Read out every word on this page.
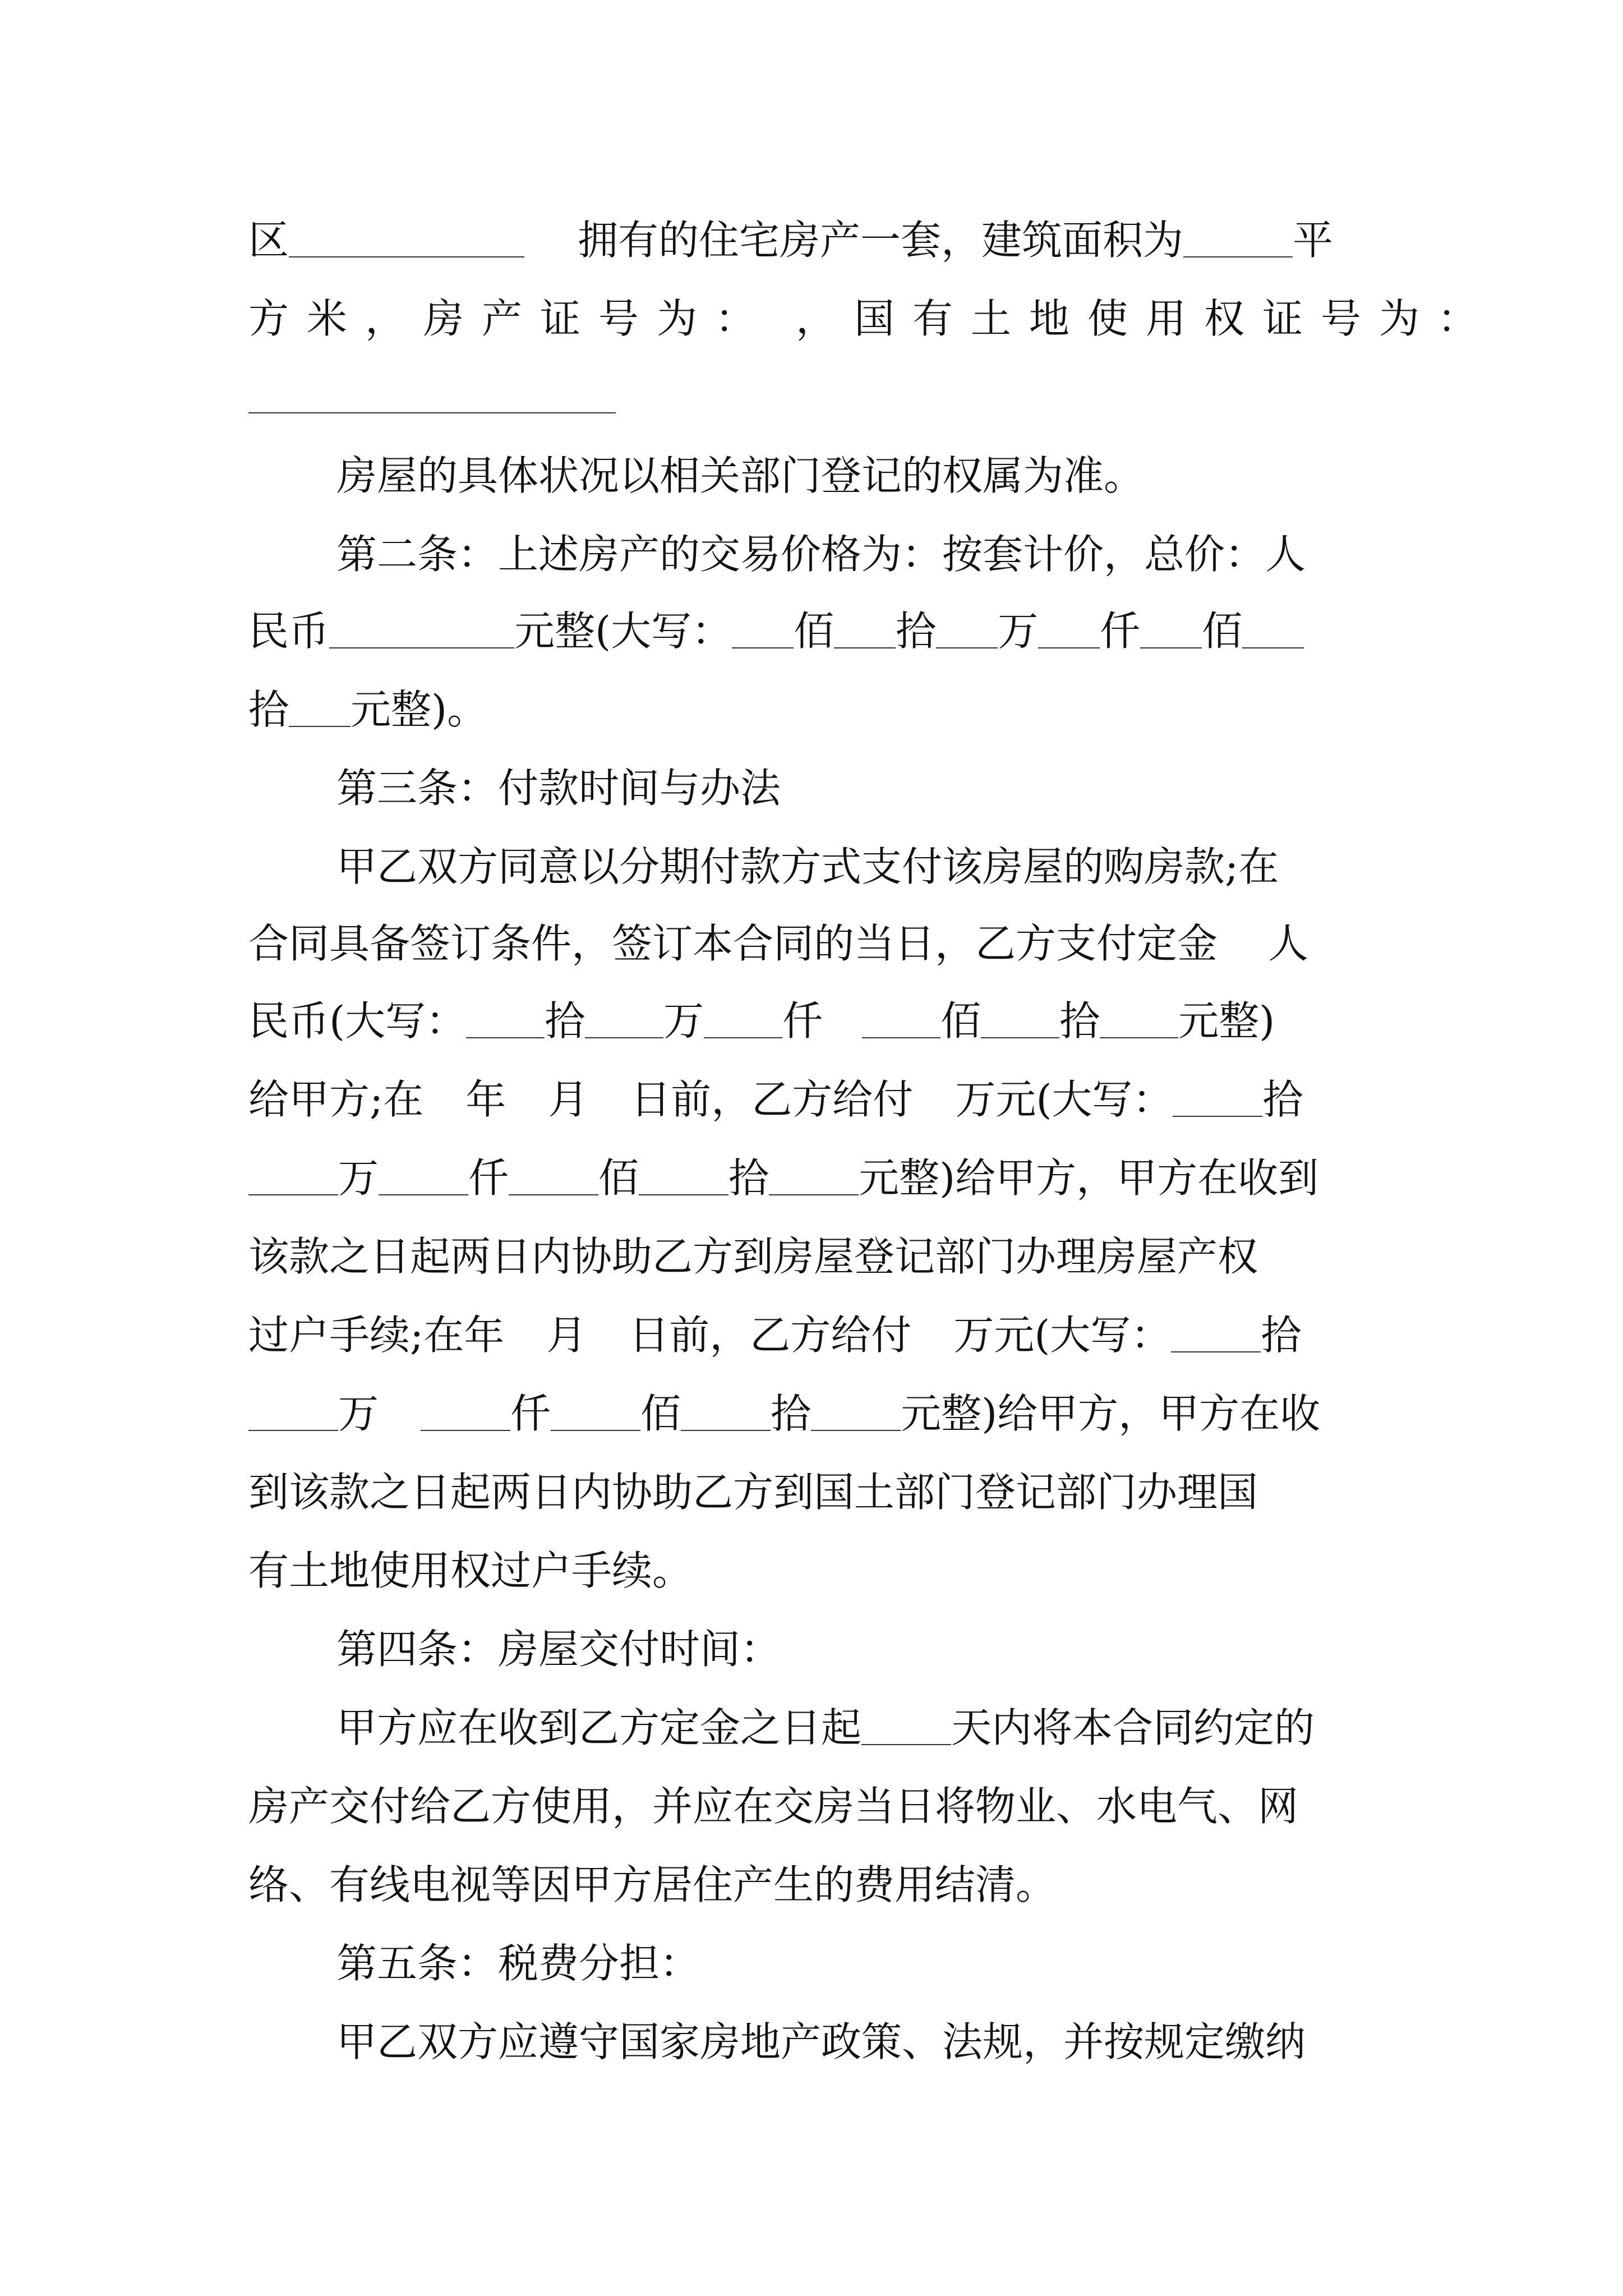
区	拥有的住宅房产一套，建筑面积为	平
方米，房产证号为： ，国有土地使用权证号为：
房屋的具体状况以相关部门登记的权属为准。
第二条：上述房产的交易价格为：按套计价，总价：人
民币	元整(大写： 佰 拾 万 仟 佰
拾 元整)。
第三条：付款时间与办法
甲乙双方同意以分期付款方式支付该房屋的购房款;在
合同具备签订条件，签订本合同的当日，乙方支付定金 人
民币(大写： 拾 万 仟	佰 拾 元整)
给甲方;在 年 月 日前，乙方给付 万元(大写： 拾
万 仟 佰 拾 元整)给甲方，甲方在收到
该款之日起两日内协助乙方到房屋登记部门办理房屋产权
过户手续;在年 月 日前，乙方给付 万元(大写： 拾
万	仟 佰 拾 元整)给甲方，甲方在收
到该款之日起两日内协助乙方到国土部门登记部门办理国
有土地使用权过户手续。
第四条：房屋交付时间：
甲方应在收到乙方定金之日起 天内将本合同约定的
房产交付给乙方使用，并应在交房当日将物业、水电气、网
络、有线电视等因甲方居住产生的费用结清。
第五条：税费分担：
甲乙双方应遵守国家房地产政策、法规，并按规定缴纳
